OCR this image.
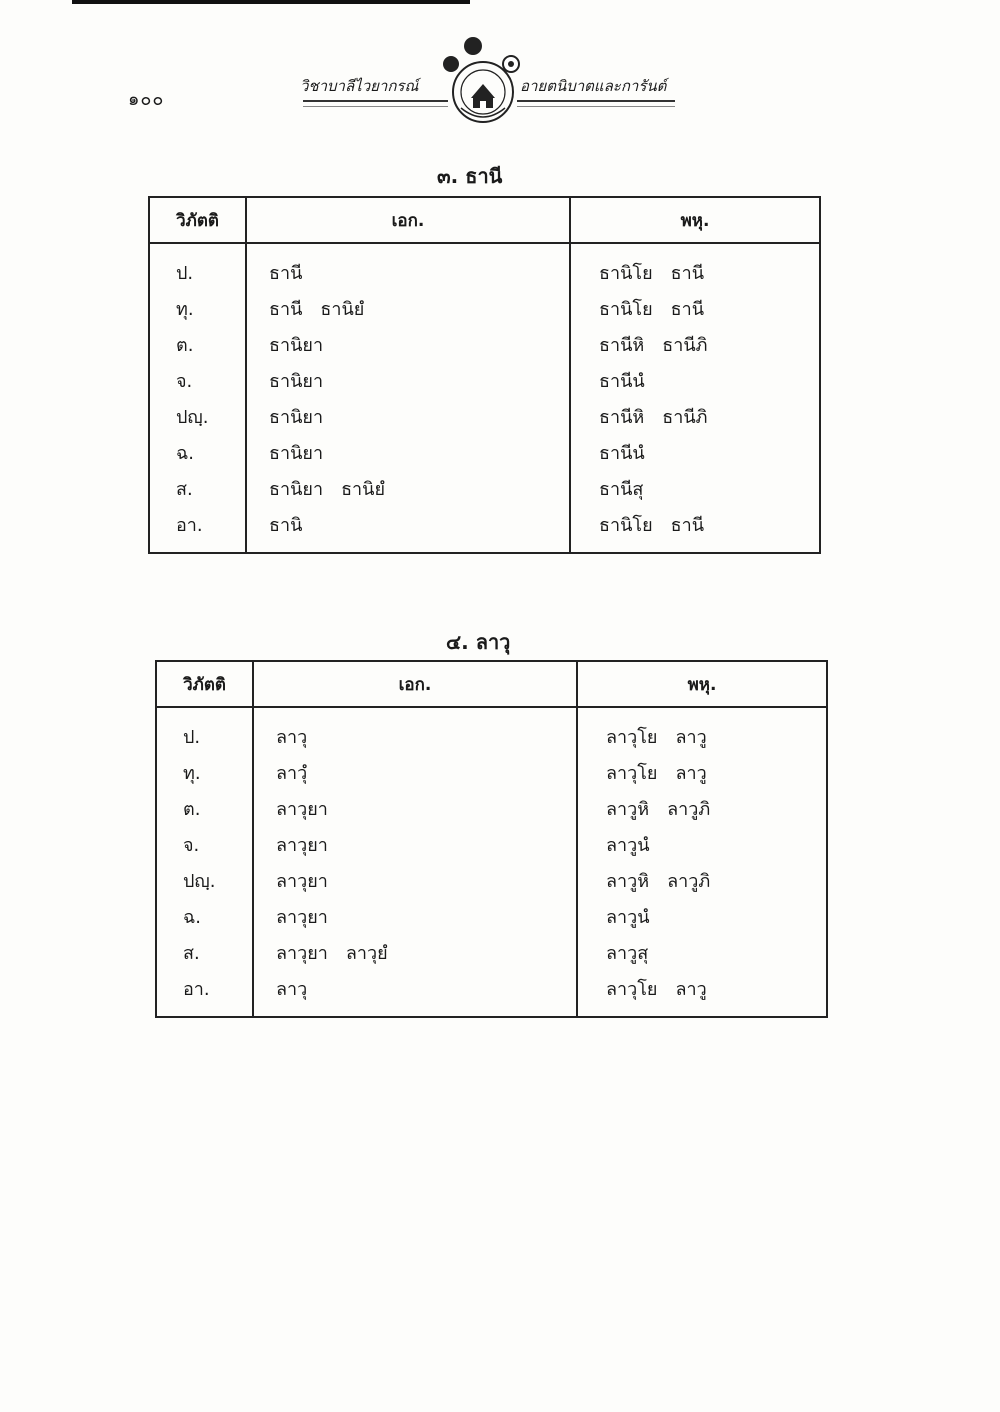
๑๐๐
วิชาบาลีไวยากรณ์	อายตนิบาตและการันต์
๓. ธานี
วิภัตติ	เอก.	พหุ.
ป.	ธานี	ธานิโย ธานี
ทุ.	ธานี ธานิยํ	ธานิโย ธานี
ต.	ธานิยา	ธานีหิ ธานีภิ
จ.	ธานิยา	ธานีนํ
ปญฺ.	ธานิยา	ธานีหิ ธานีภิ
ฉ.	ธานิยา	ธานีนํ
ส.	ธานิยา ธานิยํ	ธานีสุ
อา.	ธานิ	ธานิโย ธานี
๔. ลาวุ
วิภัตติ	เอก.	พหุ.
ป.	ลาวุ	ลาวุโย ลาวู
ทุ.	ลาวุํ	ลาวุโย ลาวู
ต.	ลาวุยา	ลาวูหิ ลาวูภิ
จ.	ลาวุยา	ลาวูนํ
ปญฺ.	ลาวุยา	ลาวูหิ ลาวูภิ
ฉ.	ลาวุยา	ลาวูนํ
ส.	ลาวุยา ลาวุยํ	ลาวูสุ
อา.	ลาวุ	ลาวุโย ลาวู
